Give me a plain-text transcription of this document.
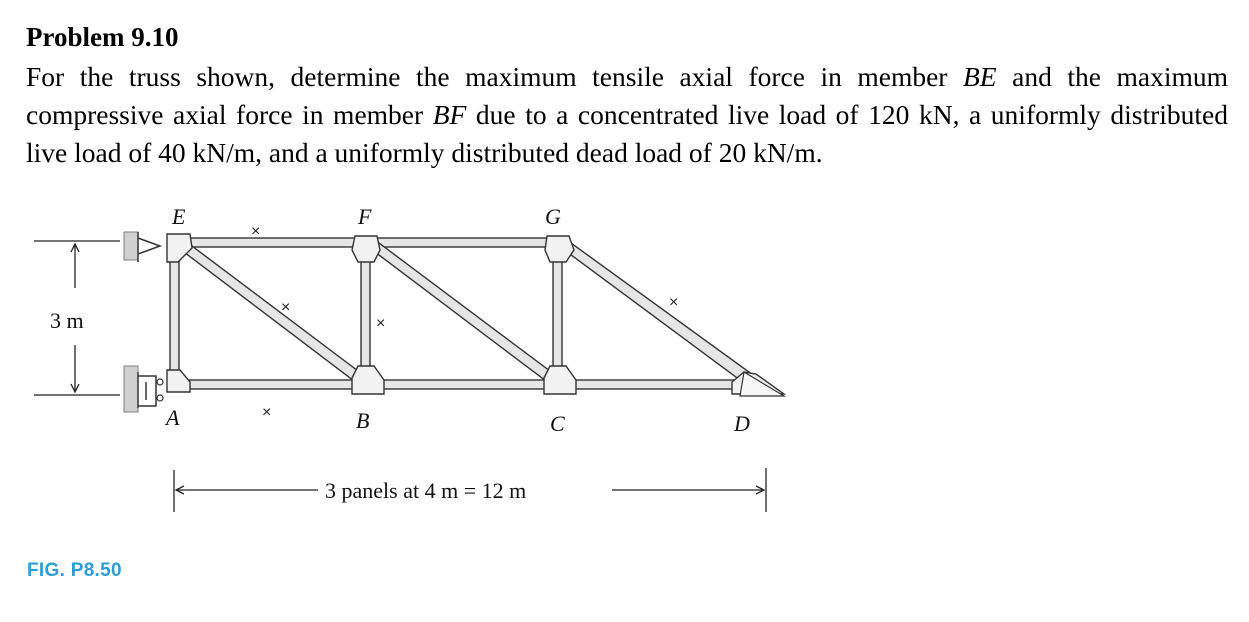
Problem 9.10
For the truss shown, determine the maximum tensile axial force in member BE and the maximum compressive axial force in member BF due to a concentrated live load of 120 kN, a uniformly distributed live load of 40 kN/m, and a uniformly distributed dead load of 20 kN/m.
3 m
3 panels at 4 m = 12 m
E	F	G
A	B	C	D
×
×
×
×
×
FIG. P8.50
